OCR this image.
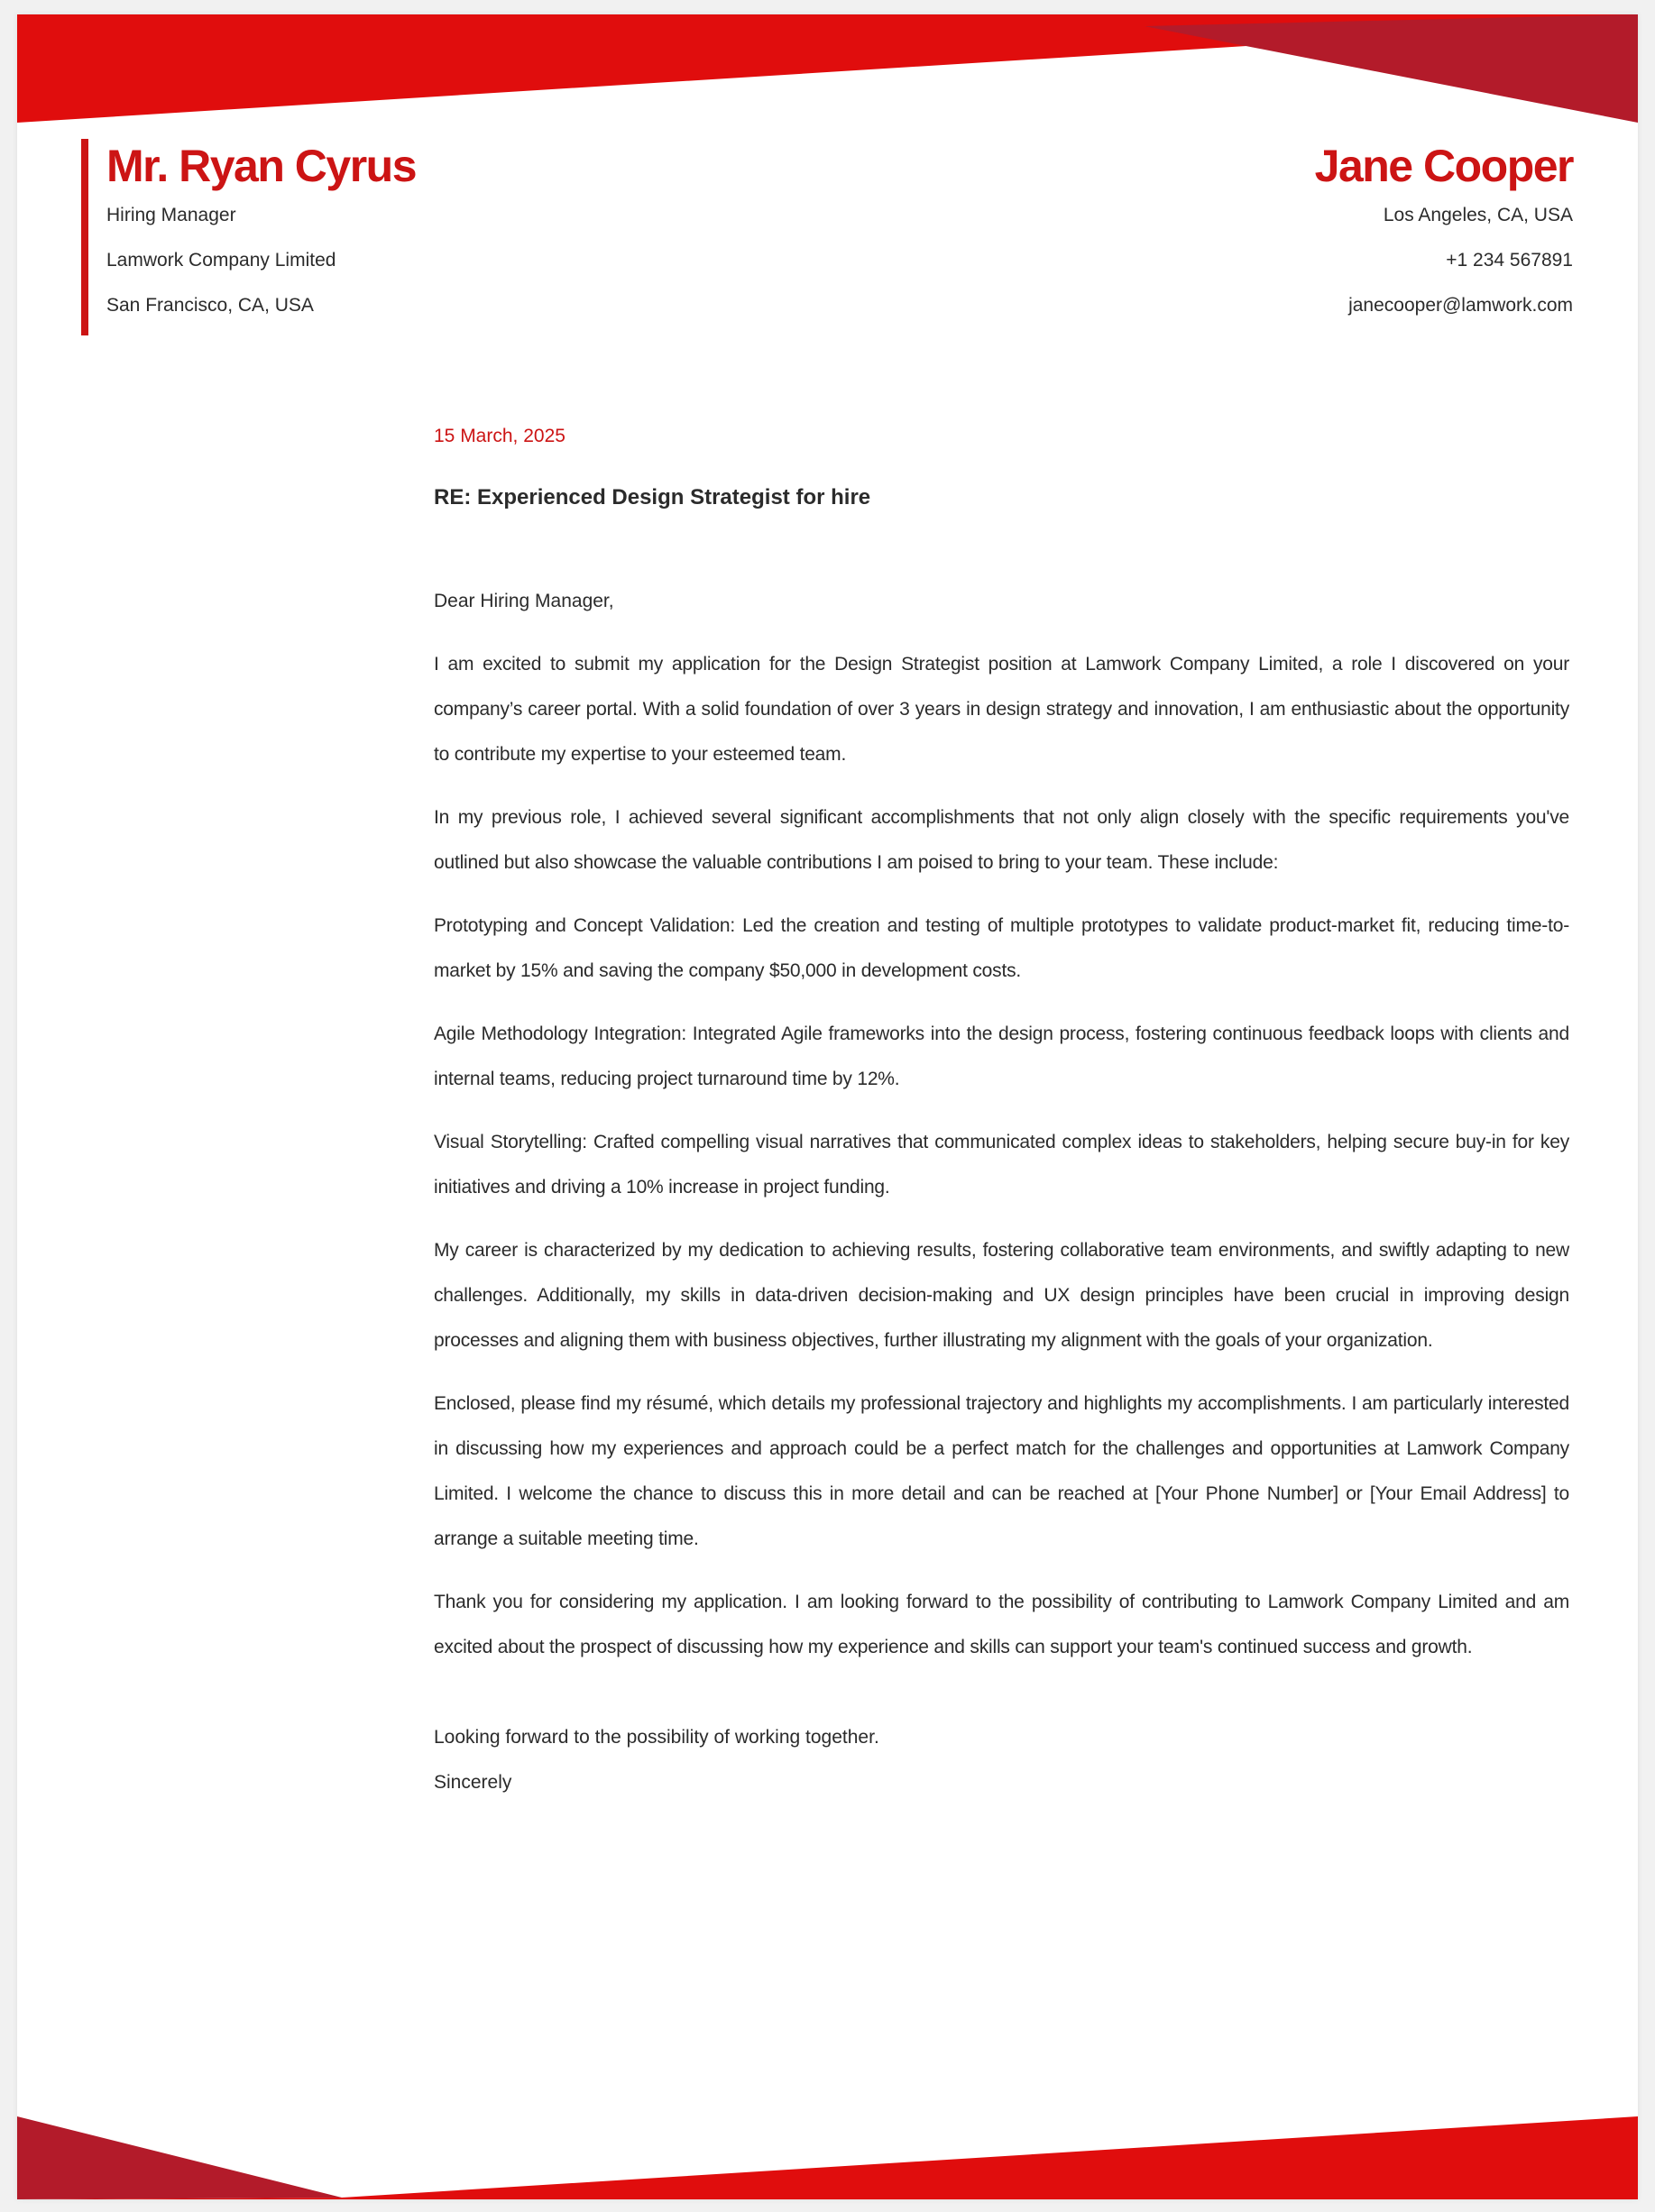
Mr. Ryan Cyrus
Hiring Manager
Lamwork Company Limited
San Francisco, CA, USA
Jane Cooper
Los Angeles, CA, USA
+1 234 567891
janecooper@lamwork.com
15 March, 2025
RE: Experienced Design Strategist for hire
Dear Hiring Manager,

I am excited to submit my application for the Design Strategist position at Lamwork Company Limited, a role I discovered on your company’s career portal. With a solid foundation of over 3 years in design strategy and innovation, I am enthusiastic about the opportunity to contribute my expertise to your esteemed team.

In my previous role, I achieved several significant accomplishments that not only align closely with the specific requirements you've outlined but also showcase the valuable contributions I am poised to bring to your team. These include:

Prototyping and Concept Validation: Led the creation and testing of multiple prototypes to validate product-market fit, reducing time-to-market by 15% and saving the company $50,000 in development costs.

Agile Methodology Integration: Integrated Agile frameworks into the design process, fostering continuous feedback loops with clients and internal teams, reducing project turnaround time by 12%.

Visual Storytelling: Crafted compelling visual narratives that communicated complex ideas to stakeholders, helping secure buy-in for key initiatives and driving a 10% increase in project funding.

My career is characterized by my dedication to achieving results, fostering collaborative team environments, and swiftly adapting to new challenges. Additionally, my skills in data-driven decision-making and UX design principles have been crucial in improving design processes and aligning them with business objectives, further illustrating my alignment with the goals of your organization.

Enclosed, please find my résumé, which details my professional trajectory and highlights my accomplishments. I am particularly interested in discussing how my experiences and approach could be a perfect match for the challenges and opportunities at Lamwork Company Limited. I welcome the chance to discuss this in more detail and can be reached at [Your Phone Number] or [Your Email Address] to arrange a suitable meeting time.

Thank you for considering my application. I am looking forward to the possibility of contributing to Lamwork Company Limited and am excited about the prospect of discussing how my experience and skills can support your team's continued success and growth.

Looking forward to the possibility of working together.
Sincerely
